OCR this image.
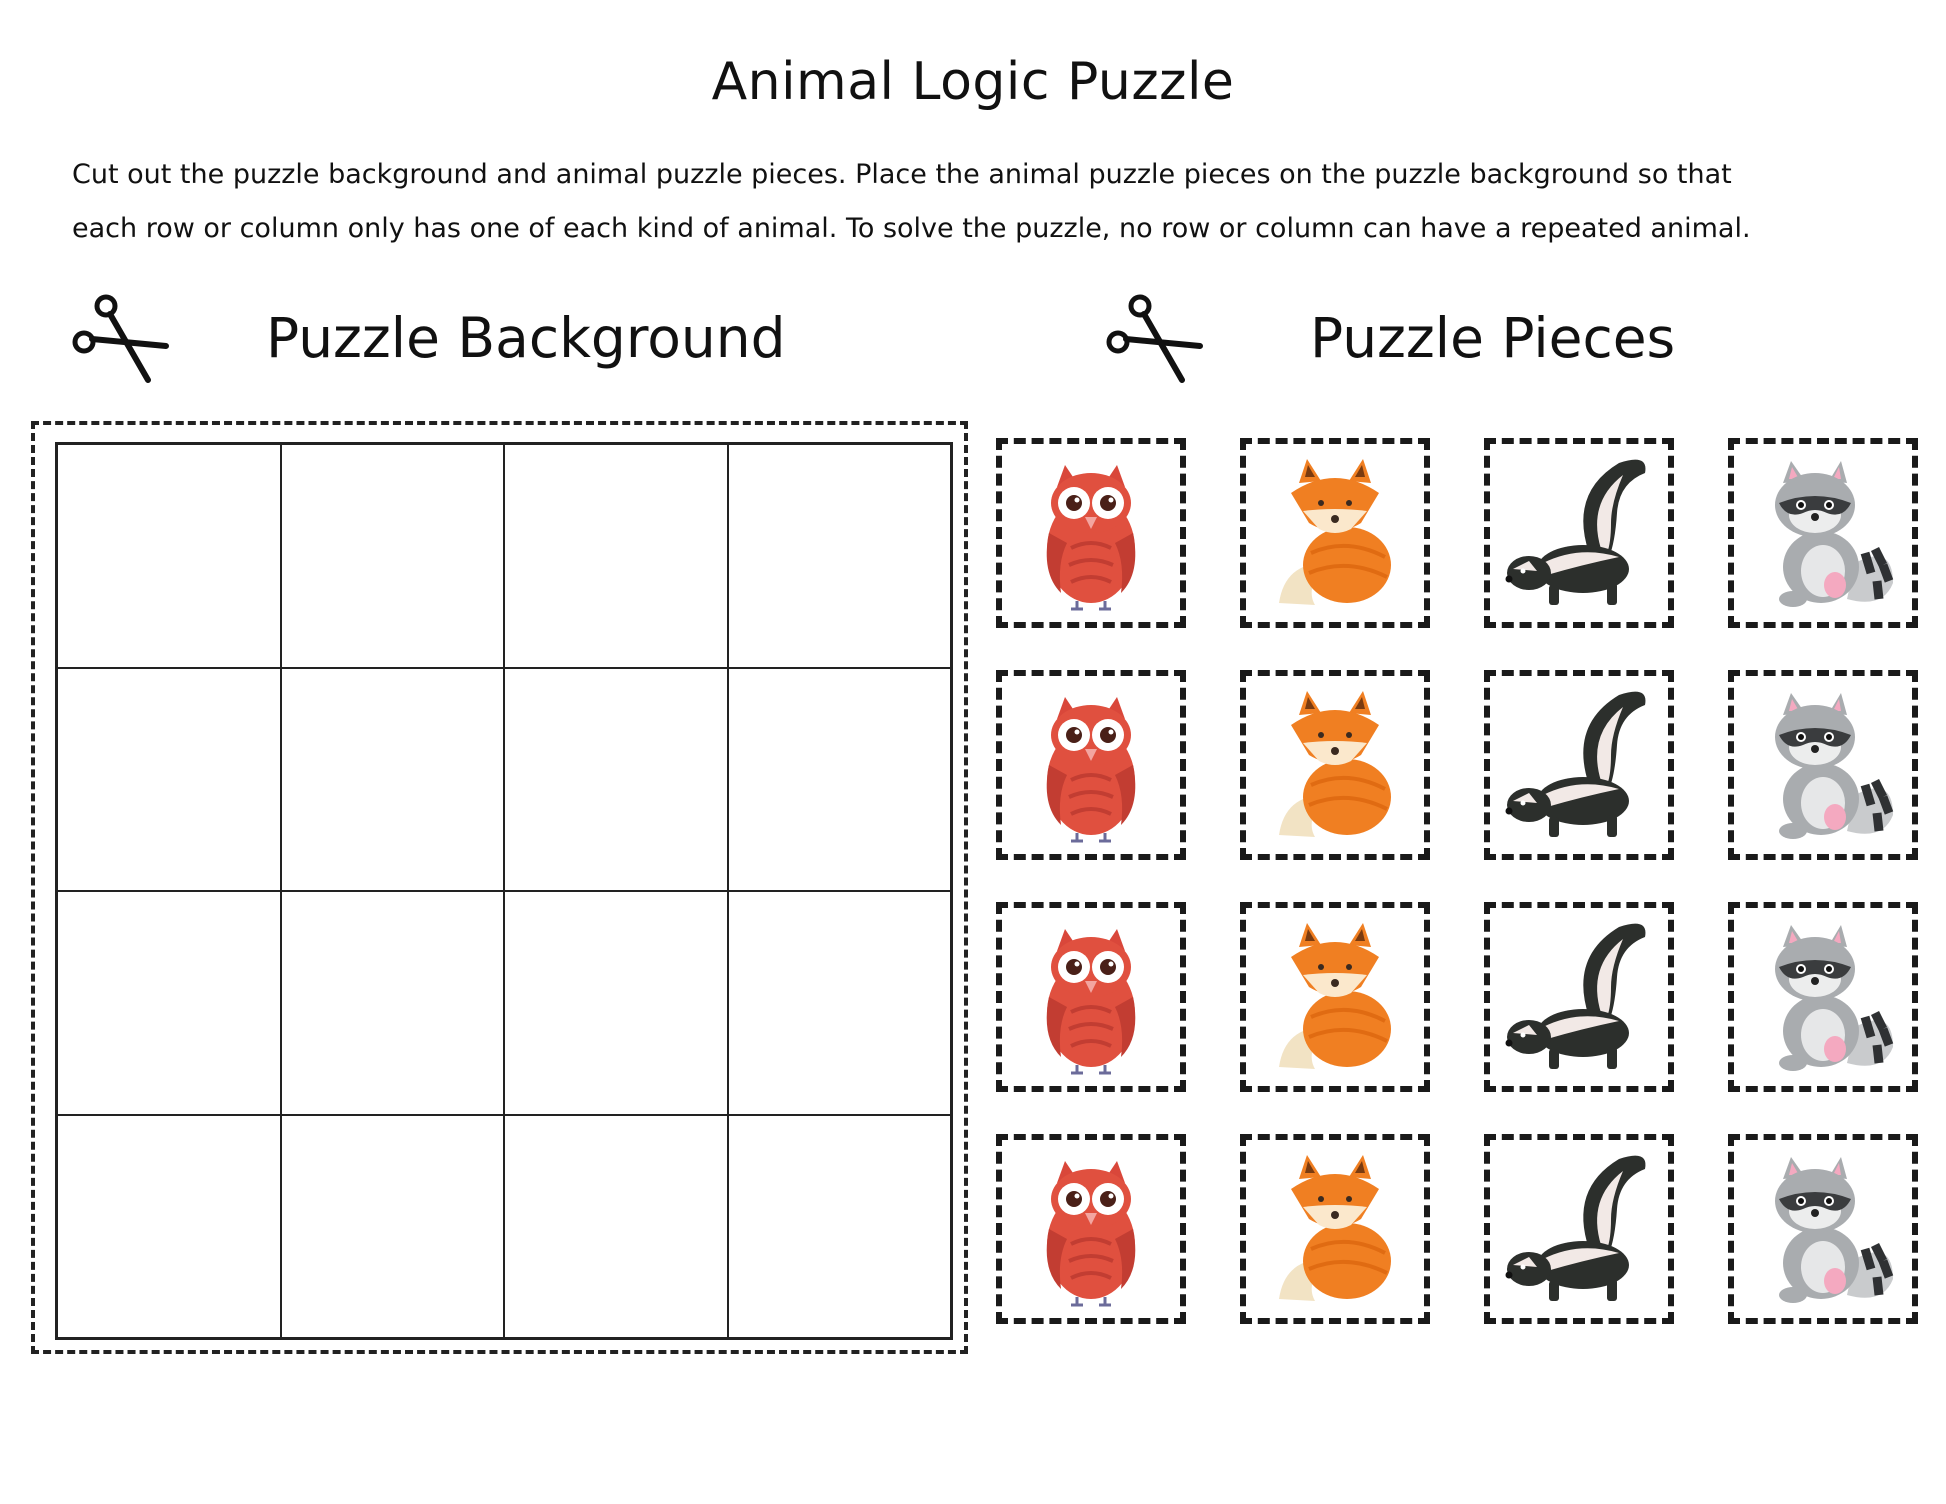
Animal Logic Puzzle
Cut out the puzzle background and animal puzzle pieces. Place the animal puzzle pieces on the puzzle background so that
each row or column only has one of each kind of animal. To solve the puzzle, no row or column can have a repeated animal.
Puzzle Background	Puzzle Pieces
